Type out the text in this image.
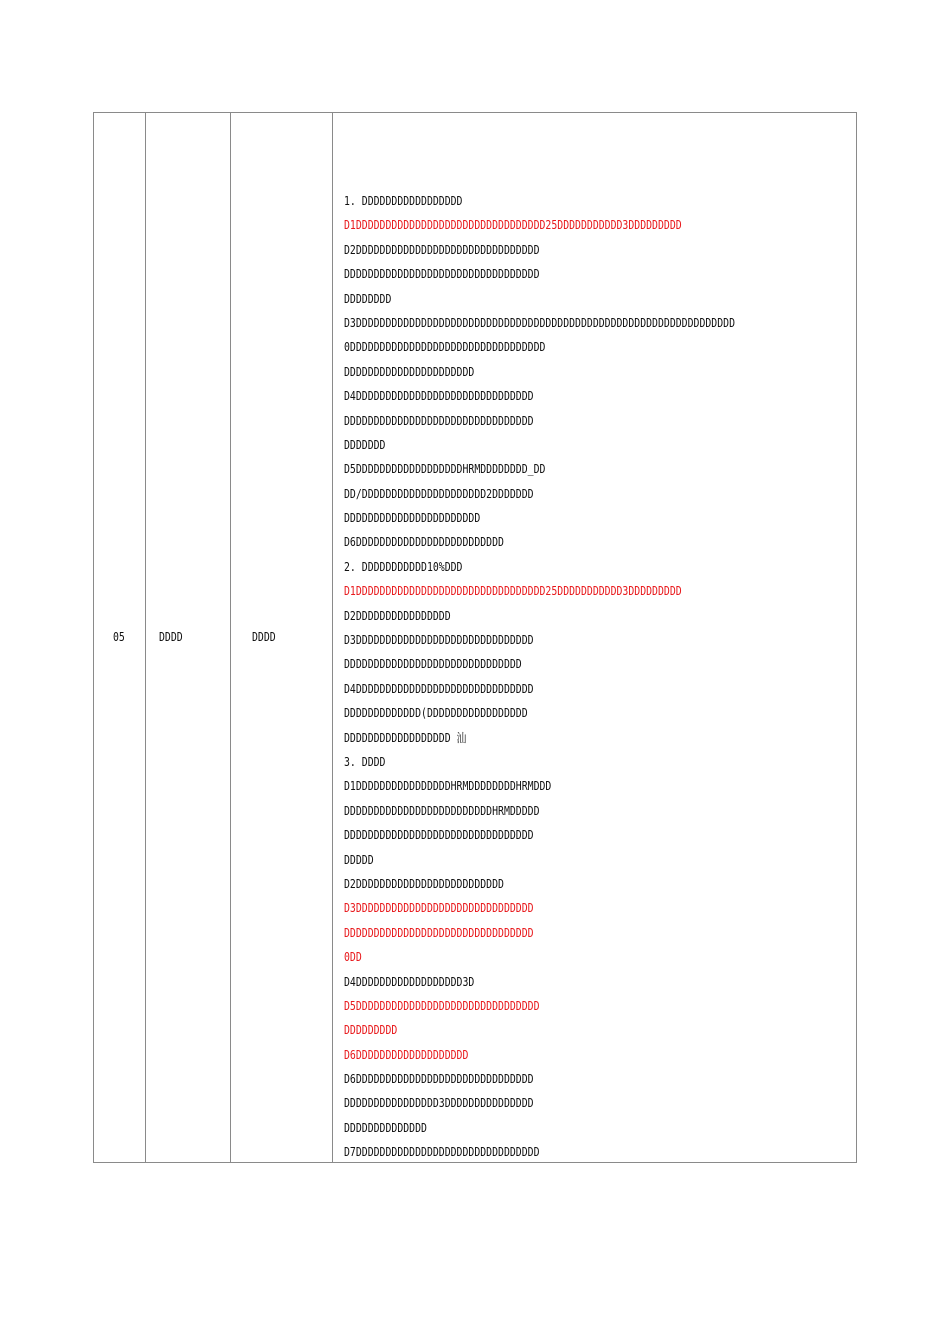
05	DDDD	DDDD
1. DDDDDDDDDDDDDDDDD
D1DDDDDDDDDDDDDDDDDDDDDDDDDDDDDDDD25DDDDDDDDDDD3DDDDDDDDD
D2DDDDDDDDDDDDDDDDDDDDDDDDDDDDDDD
DDDDDDDDDDDDDDDDDDDDDDDDDDDDDDDDD
DDDDDDDD
D3DDDDDDDDDDDDDDDDDDDDDDDDDDDDDDDDDDDDDDDDDDDDDDDDDDDDDDDDDDDDDDDD
0DDDDDDDDDDDDDDDDDDDDDDDDDDDDDDDDD
DDDDDDDDDDDDDDDDDDDDDD
D4DDDDDDDDDDDDDDDDDDDDDDDDDDDDDD
DDDDDDDDDDDDDDDDDDDDDDDDDDDDDDDD
DDDDDDD
D5DDDDDDDDDDDDDDDDDDHRMDDDDDDDD_DD
DD/DDDDDDDDDDDDDDDDDDDDD2DDDDDDD
DDDDDDDDDDDDDDDDDDDDDDD
D6DDDDDDDDDDDDDDDDDDDDDDDDD
2. DDDDDDDDDDD10%DDD
D1DDDDDDDDDDDDDDDDDDDDDDDDDDDDDDDD25DDDDDDDDDDD3DDDDDDDDD
D2DDDDDDDDDDDDDDDD
D3DDDDDDDDDDDDDDDDDDDDDDDDDDDDDD
DDDDDDDDDDDDDDDDDDDDDDDDDDDDDD
D4DDDDDDDDDDDDDDDDDDDDDDDDDDDDDD
DDDDDDDDDDDDD(DDDDDDDDDDDDDDDDD
DDDDDDDDDDDDDDDDDD 汕
3. DDDD
D1DDDDDDDDDDDDDDDDHRMDDDDDDDDHRMDDD
DDDDDDDDDDDDDDDDDDDDDDDDDHRMDDDDD
DDDDDDDDDDDDDDDDDDDDDDDDDDDDDDDD
DDDDD
D2DDDDDDDDDDDDDDDDDDDDDDDDD
D3DDDDDDDDDDDDDDDDDDDDDDDDDDDDDD
DDDDDDDDDDDDDDDDDDDDDDDDDDDDDDDD
0DD
D4DDDDDDDDDDDDDDDDDD3D
D5DDDDDDDDDDDDDDDDDDDDDDDDDDDDDDD
DDDDDDDDD
D6DDDDDDDDDDDDDDDDDDD
D6DDDDDDDDDDDDDDDDDDDDDDDDDDDDDD
DDDDDDDDDDDDDDDD3DDDDDDDDDDDDDDD
DDDDDDDDDDDDDD
D7DDDDDDDDDDDDDDDDDDDDDDDDDDDDDDD
